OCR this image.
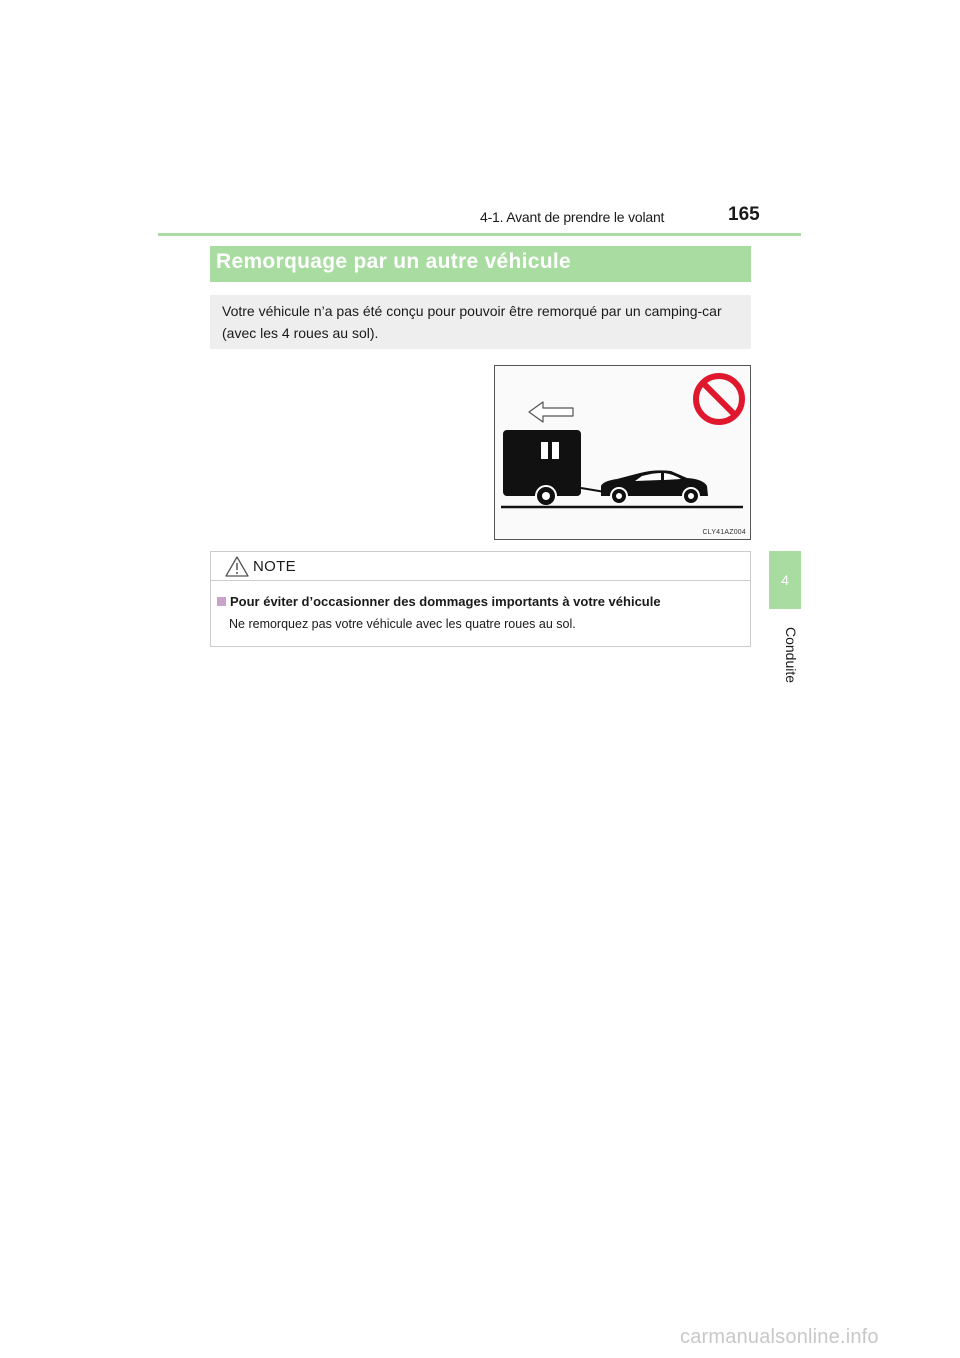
4-1. Avant de prendre le volant	165
4
Conduite
Remorquage par un autre véhicule
Votre véhicule n’a pas été conçu pour pouvoir être remorqué par un camping-car (avec les 4 roues au sol).
CLY41AZ004
NOTE
Pour éviter d’occasionner des dommages importants à votre véhicule
Ne remorquez pas votre véhicule avec les quatre roues au sol.
carmanualsonline.info
